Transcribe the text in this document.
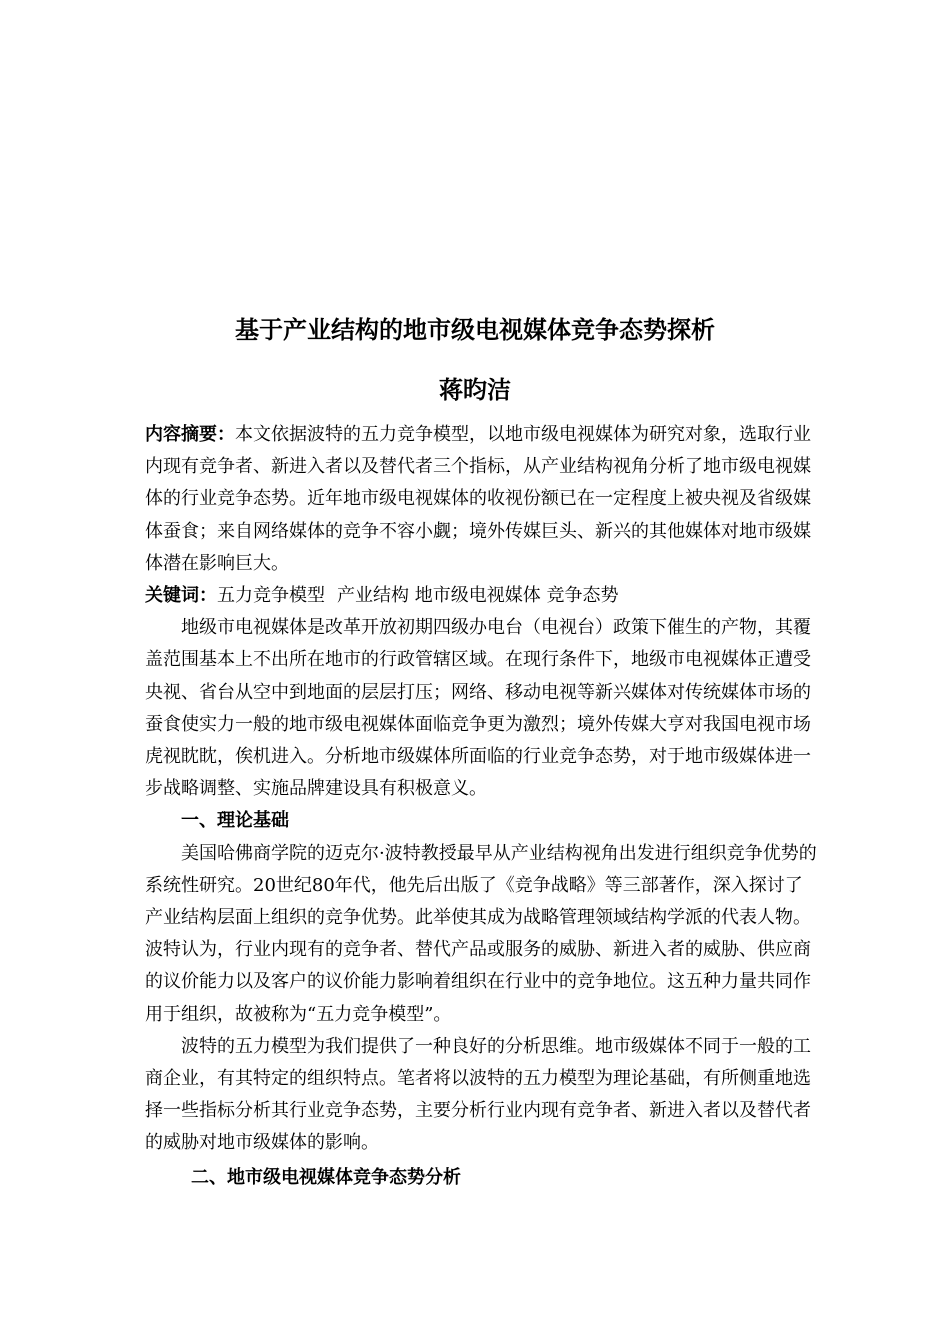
基于产业结构的地市级电视媒体竞争态势探析
蒋昀洁

内容摘要：本文依据波特的五力竞争模型，以地市级电视媒体为研究对象，选取行业内现有竞争者、新进入者以及替代者三个指标，从产业结构视角分析了地市级电视媒体的行业竞争态势。近年地市级电视媒体的收视份额已在一定程度上被央视及省级媒体蚕食；来自网络媒体的竞争不容小觑；境外传媒巨头、新兴的其他媒体对地市级媒体潜在影响巨大。

关键词：五力竞争模型 产业结构 地市级电视媒体 竞争态势

地级市电视媒体是改革开放初期四级办电台（电视台）政策下催生的产物，其覆盖范围基本上不出所在地市的行政管辖区域。在现行条件下，地级市电视媒体正遭受央视、省台从空中到地面的层层打压；网络、移动电视等新兴媒体对传统媒体市场的蚕食使实力一般的地市级电视媒体面临竞争更为激烈；境外传媒大亨对我国电视市场虎视眈眈，俟机进入。分析地市级媒体所面临的行业竞争态势，对于地市级媒体进一步战略调整、实施品牌建设具有积极意义。

一、理论基础

美国哈佛商学院的迈克尔·波特教授最早从产业结构视角出发进行组织竞争优势的系统性研究。20世纪80年代，他先后出版了《竞争战略》等三部著作，深入探讨了产业结构层面上组织的竞争优势。此举使其成为战略管理领域结构学派的代表人物。波特认为，行业内现有的竞争者、替代产品或服务的威胁、新进入者的威胁、供应商的议价能力以及客户的议价能力影响着组织在行业中的竞争地位。这五种力量共同作用于组织，故被称为“五力竞争模型”。

波特的五力模型为我们提供了一种良好的分析思维。地市级媒体不同于一般的工商企业，有其特定的组织特点。笔者将以波特的五力模型为理论基础，有所侧重地选择一些指标分析其行业竞争态势，主要分析行业内现有竞争者、新进入者以及替代者的威胁对地市级媒体的影响。

二、地市级电视媒体竞争态势分析
